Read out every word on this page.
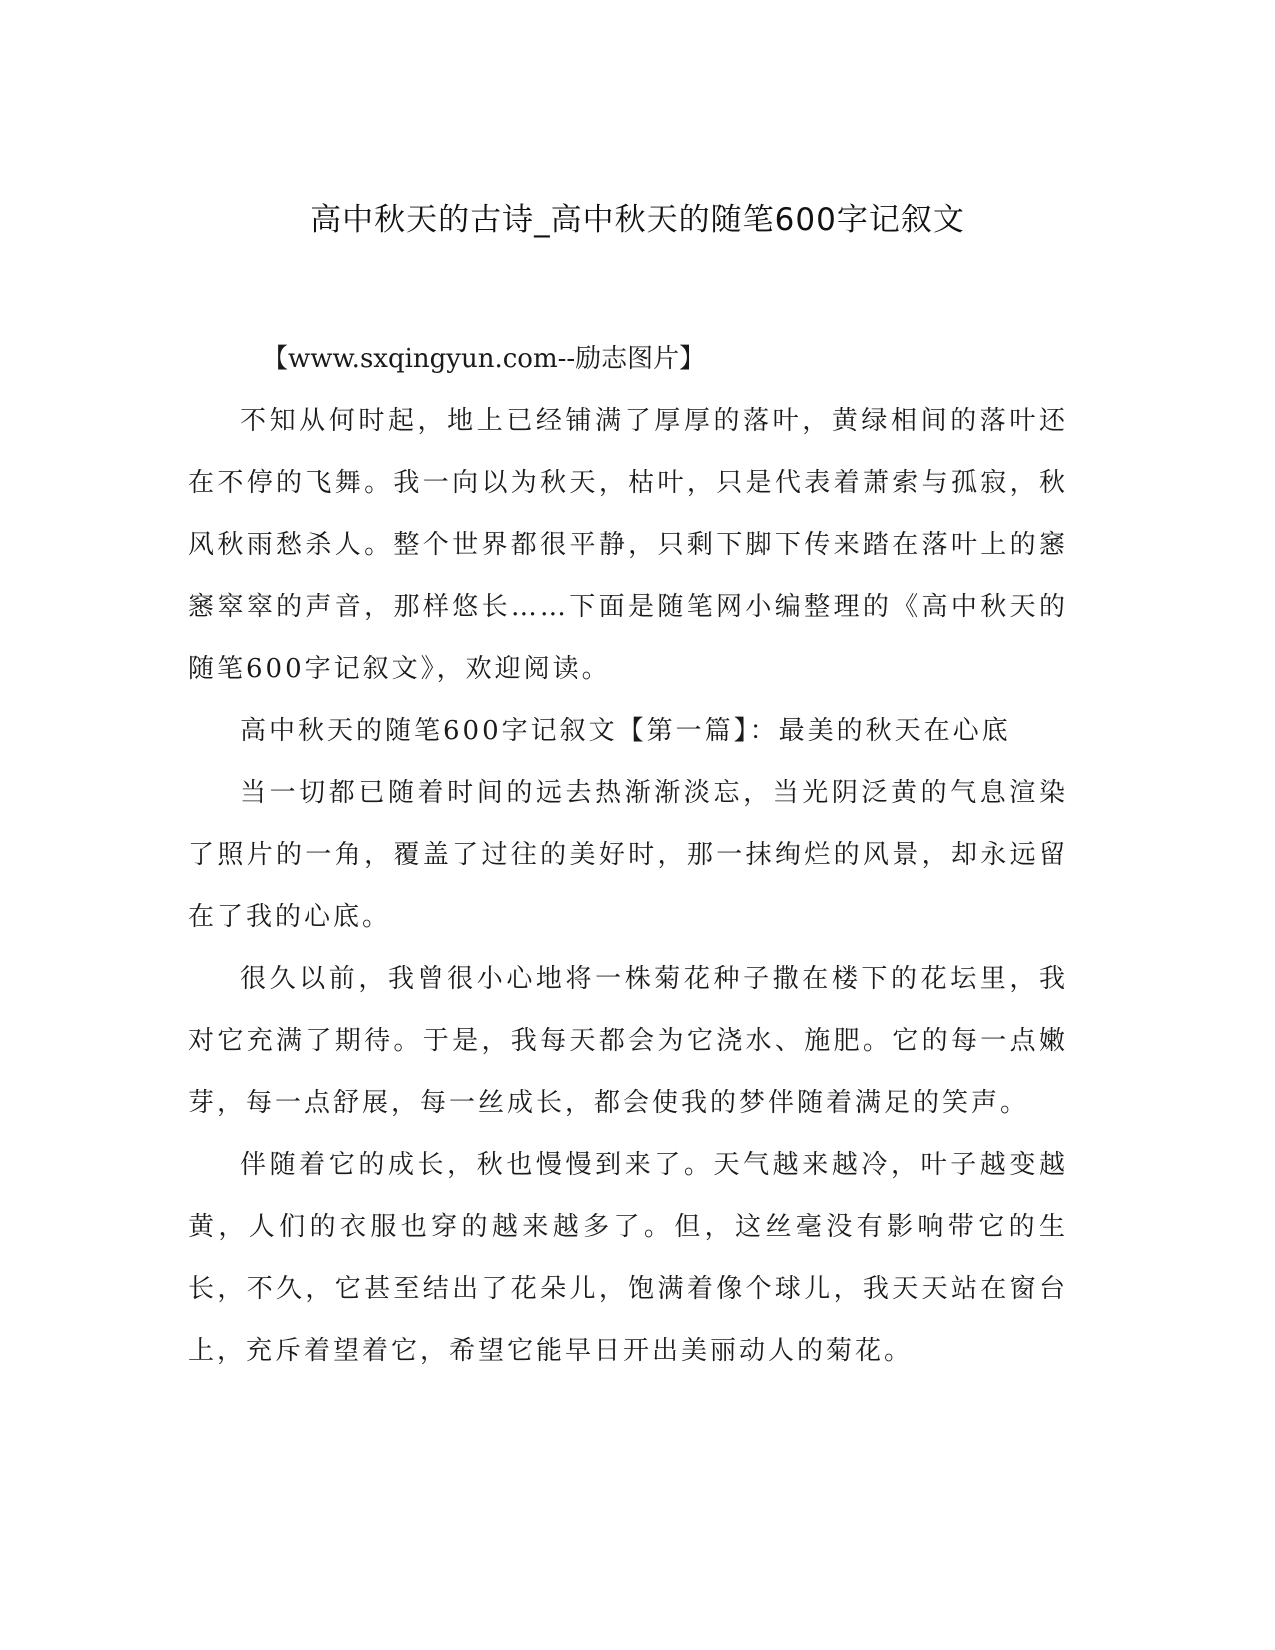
高中秋天的古诗_高中秋天的随笔600字记叙文

【www.sxqingyun.com--励志图片】

不知从何时起，地上已经铺满了厚厚的落叶，黄绿相间的落叶还在不停的飞舞。我一向以为秋天，枯叶，只是代表着萧索与孤寂，秋风秋雨愁杀人。整个世界都很平静，只剩下脚下传来踏在落叶上的窸窸窣窣的声音，那样悠长……下面是随笔网小编整理的《高中秋天的随笔600字记叙文》，欢迎阅读。

高中秋天的随笔600字记叙文【第一篇】：最美的秋天在心底

当一切都已随着时间的远去热渐渐淡忘，当光阴泛黄的气息渲染了照片的一角，覆盖了过往的美好时，那一抹绚烂的风景，却永远留在了我的心底。

很久以前，我曾很小心地将一株菊花种子撒在楼下的花坛里，我对它充满了期待。于是，我每天都会为它浇水、施肥。它的每一点嫩芽，每一点舒展，每一丝成长，都会使我的梦伴随着满足的笑声。

伴随着它的成长，秋也慢慢到来了。天气越来越冷，叶子越变越黄，人们的衣服也穿的越来越多了。但，这丝毫没有影响带它的生长，不久，它甚至结出了花朵儿，饱满着像个球儿，我天天站在窗台上，充斥着望着它，希望它能早日开出美丽动人的菊花。
